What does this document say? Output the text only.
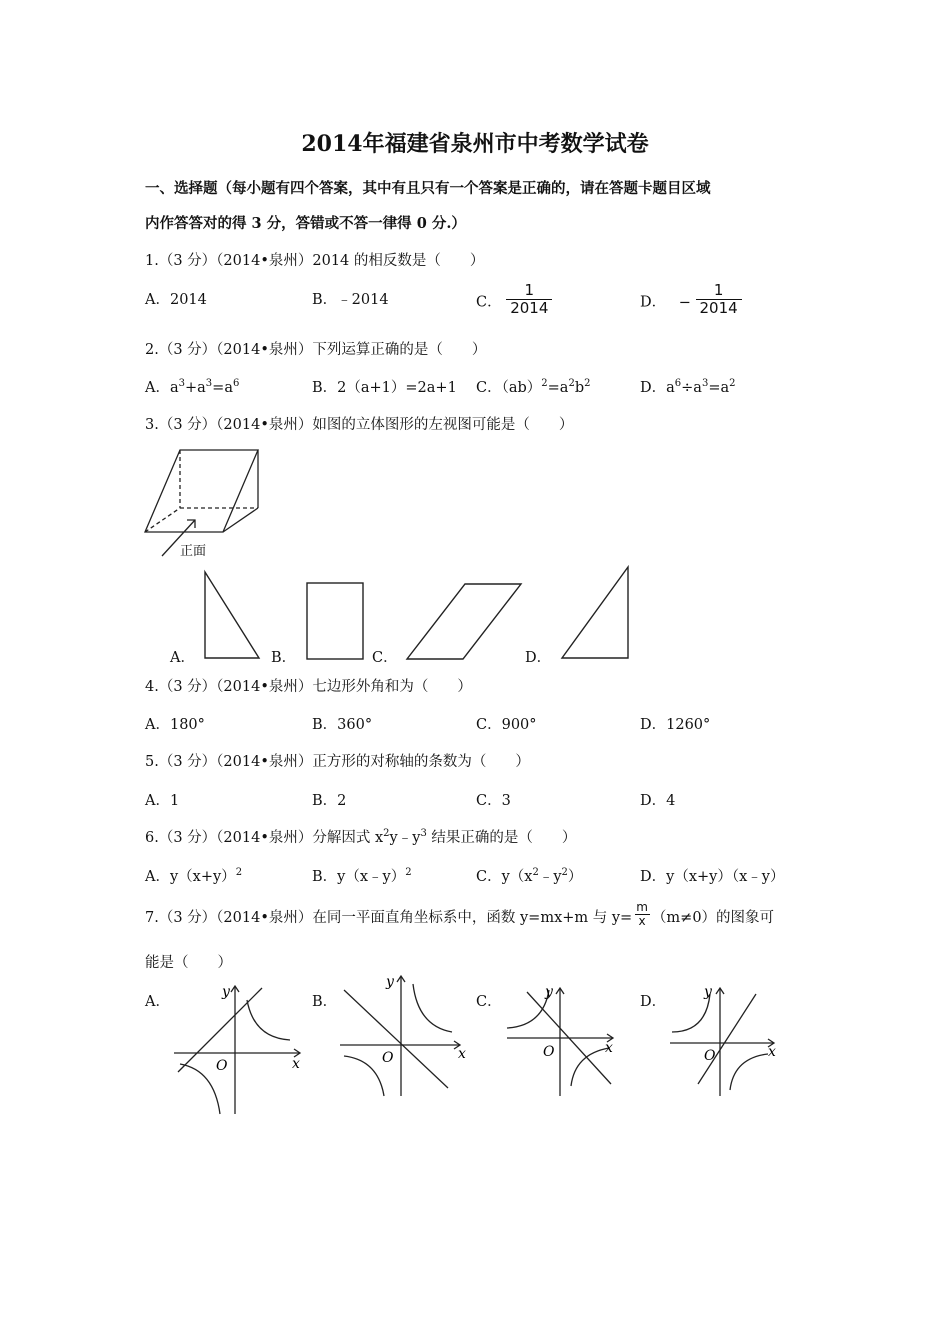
2014年福建省泉州市中考数学试卷
一、选择题（每小题有四个答案，其中有且只有一个答案是正确的，请在答题卡题目区域
内作答答对的得 3 分，答错或不答一律得 0 分.）
1.（3 分）（2014•泉州）2014 的相反数是（　　）
A．2014	B．﹣2014	C． $\frac{1}{2014}$	D． − $\frac{1}{2014}$
2.（3 分）（2014•泉州）下列运算正确的是（　　）
A．$a^3+a^3=a^6$	B．2（a+1）=2a+1 C．$(ab)^2=a^2b^2$	D．$a^6\div a^3=a^2$
3.（3 分）（2014•泉州）如图的立体图形的左视图可能是（　　）
正面
A．	B．	C．	D．
4.（3 分）（2014•泉州）七边形外角和为（　　）
A．180°	B．360°	C．900°	D．1260°
5.（3 分）（2014•泉州）正方形的对称轴的条数为（　　）
A．1	B．2	C．3	D．4
6.（3 分）（2014•泉州）分解因式 $x^2y﹣y^3$ 结果正确的是（　　）
A．$y(x+y)^2$	B．y（x﹣y）$^2$	C．$y(x^2﹣y^2)$	D．y（x+y）（x﹣y）
7.（3 分）（2014•泉州）在同一平面直角坐标系中，函数 y=mx+m 与 $y= \frac{m}{x} (m\ne 0)$的图象可
能是（　　）
A．	B．	C．	D．
O	x
y
O	x
y
O	x
y
O	x
y
